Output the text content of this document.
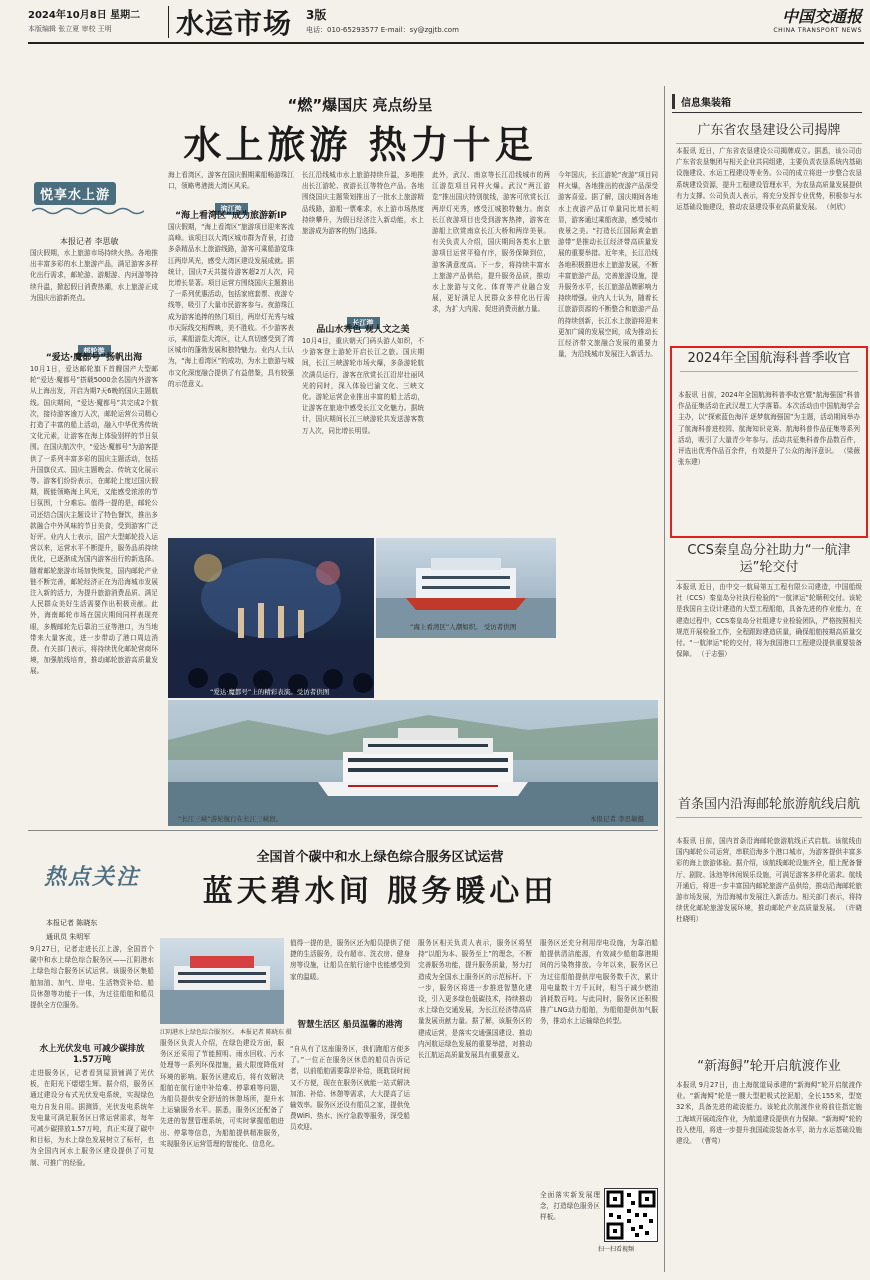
2024年10月8日 星期二
本版编辑 张立夏 审校 王明	水运市场 3版
电话：010-65293577 E-mail：sy@zgjtb.com
中国交通报
CHINA TRANSPORT NEWS
“燃”爆国庆 亮点纷呈
水上旅游 热力十足
悦享水上游
本报记者 李思敏
国庆假期，水上旅游市场持续火热。各地推出丰富多彩的水上旅游产品，满足游客多样化出行需求，邮轮游、游艇游、内河游等持续升温，掀起假日消费热潮，水上旅游正成为国庆出游新亮点。
邮轮游
“爱达·魔都号”扬帆出海
10月1日，爱达邮轮旗下首艘国产大型邮轮“爱达·魔都号”搭载5000余名国内外游客从上海出发，开启为期7天6晚的国庆主题航线。国庆期间，“爱达·魔都号”共完成2个航次，接待游客逾万人次，邮轮运营公司精心打造了丰富的船上活动，融入中华优秀传统文化元素，让游客在海上体验别样的节日氛围。在国庆航次中，“爱达·魔都号”为游客提供了一系列丰富多彩的国庆主题活动，包括升国旗仪式、国庆主题晚会、传统文化展示等。游客们纷纷表示，在邮轮上度过国庆假期，既能领略海上风光，又能感受浓浓的节日氛围，十分难忘。值得一提的是，邮轮公司还结合国庆主题设计了特色餐饮，推出多款融合中外风味的节日美食，受到游客广泛好评。业内人士表示，国产大型邮轮投入运营以来，运营水平不断提升，服务品质持续优化，已逐渐成为国内游客出行的新选择。随着邮轮旅游市场加快恢复，国内邮轮产业链不断完善，邮轮经济正在为沿海城市发展注入新的活力，为提升旅游消费品质、满足人民群众美好生活需要作出积极贡献。此外，海南邮轮市场在国庆期间同样表现亮眼，多艘邮轮先后靠泊三亚等港口，为当地带来大量客流，进一步带动了港口周边消费。有关部门表示，将持续优化邮轮营商环境，加强航线培育，推动邮轮旅游高质量发展。
海上看湾区，游客在国庆假期乘船畅游珠江口，领略粤港澳大湾区风采。
滨江游
“海上看湾区”成为旅游新IP
国庆假期，“海上看湾区”旅游项目迎来客流高峰。该项目以大湾区城市群为背景，打造多条精品水上旅游线路，游客可乘船游览珠江两岸风光，感受大湾区建设发展成就。据统计，国庆7天共接待游客超2万人次，同比增长显著。项目运营方围绕国庆主题推出了一系列优惠活动，包括家庭套票、夜游专线等，吸引了大量市民游客参与。夜游珠江成为游客追捧的热门项目，两岸灯光秀与城市天际线交相辉映，美不胜收。不少游客表示，乘船游览大湾区，让人真切感受到了湾区城市的蓬勃发展和独特魅力。业内人士认为，“海上看湾区”的成功，为水上旅游与城市文化深度融合提供了有益借鉴，具有较强的示范意义。
长江沿线城市水上旅游持续升温，多地推出长江游轮、夜游长江等特色产品。各地围绕国庆主题策划推出了一批水上旅游精品线路，游船一票难求，水上游市场热度持续攀升，为假日经济注入新动能，水上旅游成为游客的热门选择。
长江游
品山水秀色 观人文之美
10月4日，重庆朝天门码头游人如织，不少游客登上游轮开启长江之旅。国庆期间，长江三峡游轮市场火爆，多条游轮航次满员运行，游客在欣赏长江沿岸壮丽风光的同时，深入体验巴渝文化、三峡文化。游轮运营企业推出丰富的船上活动，让游客在旅途中感受长江文化魅力。据统计，国庆期间长江三峡游轮共发送游客数万人次，同比增长明显。
此外，武汉、南京等长江沿线城市的两江游览项目同样火爆。武汉“两江游览”推出国庆特别航线，游客可欣赏长江两岸灯光秀，感受江城独特魅力。南京长江夜游项目也受到游客热捧，游客在游船上欣赏南京长江大桥和两岸美景。有关负责人介绍，国庆期间各类水上旅游项目运营平稳有序，服务保障到位，游客满意度高。下一步，将持续丰富水上旅游产品供给，提升服务品质，推动水上旅游与文化、体育等产业融合发展，更好满足人民群众多样化出行需求，为扩大内需、促进消费贡献力量。
今年国庆，长江游轮“夜游”项目同样火爆，各地推出的夜游产品深受游客喜爱。据了解，国庆期间各地水上夜游产品订单量同比增长明显，游客通过乘船夜游，感受城市夜景之美。“打造长江国际黄金旅游带”是推动长江经济带高质量发展的重要举措。近年来，长江沿线各地积极推进水上旅游发展，不断丰富旅游产品，完善旅游设施，提升服务水平，长江旅游品牌影响力持续增强。业内人士认为，随着长江旅游资源的不断整合和旅游产品的持续创新，长江水上旅游将迎来更加广阔的发展空间，成为推动长江经济带文旅融合发展的重要力量，为沿线城市发展注入新活力。
“爱达·魔都号”上的精彩表演。受访者供图
“海上看湾区”人潮如织。 受访者供图
“长江三峡”游轮航行在长江三峡段。	本报记者 李思敏摄
热点关注
全国首个碳中和水上绿色综合服务区试运营
蓝天碧水间 服务暖心田
本报记者 陈晓东
通讯员 朱明军
9月27日，记者走进长江上游，全国首个碳中和水上绿色综合服务区——江阴港水上绿色综合服务区试运营。该服务区集船舶加油、加气、岸电、生活物资补给、船员休憩等功能于一体，为过往船舶和船员提供全方位服务。
水上光伏发电 可减少碳排放1.57万吨
走进服务区，记者看到屋顶铺满了光伏板，在阳光下熠熠生辉。据介绍，服务区通过建设分布式光伏发电系统，实现绿色电力自发自用。据测算，光伏发电系统年发电量可满足服务区日常运营需求，每年可减少碳排放1.57万吨，真正实现了碳中和目标，为水上绿色发展树立了标杆，也为全国内河水上服务区建设提供了可复制、可推广的经验。
江阴港水上绿色综合服务区。 本报记者 陈晓东 摄
服务区负责人介绍，在绿色建设方面，服务区还采用了节能照明、雨水回收、污水处理等一系列环保措施，最大限度降低对环境的影响。服务区建成后，将有效解决船舶在航行途中补给难、停靠难等问题，为船员提供安全舒适的休憩场所，提升水上运输服务水平。据悉，服务区还配备了先进的智慧管理系统，可实时掌握船舶进出、停靠等信息，为船舶提供精准服务，实现服务区运营管理的智能化、信息化。
值得一提的是，服务区还为船员提供了便捷的生活服务，设有超市、洗衣房、健身房等设施，让船员在航行途中也能感受到家的温暖。
智慧生活区 船员温馨的港湾
“自从有了这座服务区，我们跑船方便多了。”一位正在服务区休息的船员告诉记者，以前船舶需要靠岸补给，既耽误时间又不方便，现在在服务区就能一站式解决加油、补给、休憩等需求，大大提高了运输效率。服务区还设有船员之家，提供免费WiFi、热水、医疗急救等服务，深受船员欢迎。
服务区相关负责人表示，服务区将坚持“以船为本、服务至上”的理念，不断完善服务功能，提升服务质量，努力打造成为全国水上服务区的示范标杆。下一步，服务区将进一步推进智慧化建设，引入更多绿色低碳技术，持续推动水上绿色交通发展，为长江经济带高质量发展贡献力量。据了解，该服务区的建成运营，是落实交通强国建设、推动内河航运绿色发展的重要举措，对推动长江航运高质量发展具有重要意义。
服务区还充分利用岸电设施，为靠泊船舶提供清洁能源，有效减少船舶靠港期间的污染物排放。今年以来，服务区已为过往船舶提供岸电服务数千次，累计用电量数十万千瓦时，相当于减少燃油消耗数百吨。与此同时，服务区还积极推广LNG动力船舶，为船舶提供加气服务，推动水上运输绿色转型。
全面落实新发展理念，打造绿色服务区样板。
扫一扫看视频
信息集装箱
广东省农垦建设公司揭牌
本报讯 近日，广东省农垦建设公司揭牌成立。据悉，该公司由广东省农垦集团与相关企业共同组建，主要负责农垦系统内基础设施建设、水运工程建设等业务。公司的成立将进一步整合农垦系统建设资源，提升工程建设管理水平，为农垦高质量发展提供有力支撑。公司负责人表示，将充分发挥专业优势，积极参与水运基础设施建设，推动农垦建设事业高质量发展。 （何欣）
2024年全国航海科普季收官
本报讯 日前，2024年全国航海科普季收官暨“航海强国”科普作品征集活动在武汉理工大学落幕。本次活动由中国航海学会主办，以“探索蓝色海洋 逐梦航海强国”为主题，活动期间举办了航海科普进校园、航海知识竞赛、航海科普作品征集等系列活动，吸引了大量青少年参与。活动共征集科普作品数百件，评选出优秀作品百余件，有效提升了公众的海洋意识。 （梁薇 张东建）
CCS秦皇岛分社助力“一航津运”轮交付
本报讯 近日，由中交一航局第五工程有限公司建造，中国船级社（CCS）秦皇岛分社执行检验的“一航津运”轮顺利交付。该轮是我国自主设计建造的大型工程船舶，具备先进的作业能力，在建造过程中，CCS秦皇岛分社组建专业检验团队，严格按照相关规范开展检验工作，全程跟踪建造质量，确保船舶按期高质量交付。“一航津运”轮的交付，将为我国港口工程建设提供重要装备保障。 （于志强）
首条国内沿海邮轮旅游航线启航
本报讯 日前，国内首条沿海邮轮旅游航线正式启航。该航线由国内邮轮公司运营，串联沿海多个港口城市，为游客提供丰富多彩的海上旅游体验。据介绍，该航线邮轮设施齐全，船上配备餐厅、剧院、泳池等休闲娱乐设施，可满足游客多样化需求。航线开通后，将进一步丰富国内邮轮旅游产品供给，推动沿海邮轮旅游市场发展，为沿海城市发展注入新活力。相关部门表示，将持续优化邮轮旅游发展环境，推动邮轮产业高质量发展。 （许晓 杜晓明）
“新海鲟”轮开启航渡作业
本报讯 9月27日，由上海航道局承建的“新海鲟”轮开启航渡作业。“新海鲟”轮是一艘大型耙吸式挖泥船，全长155米，型宽32米，具备先进的疏浚能力。该轮此次航渡作业将前往指定施工海域开展疏浚作业，为航道建设提供有力保障。“新海鲟”轮的投入使用，将进一步提升我国疏浚装备水平，助力水运基础设施建设。 （曹莺）
